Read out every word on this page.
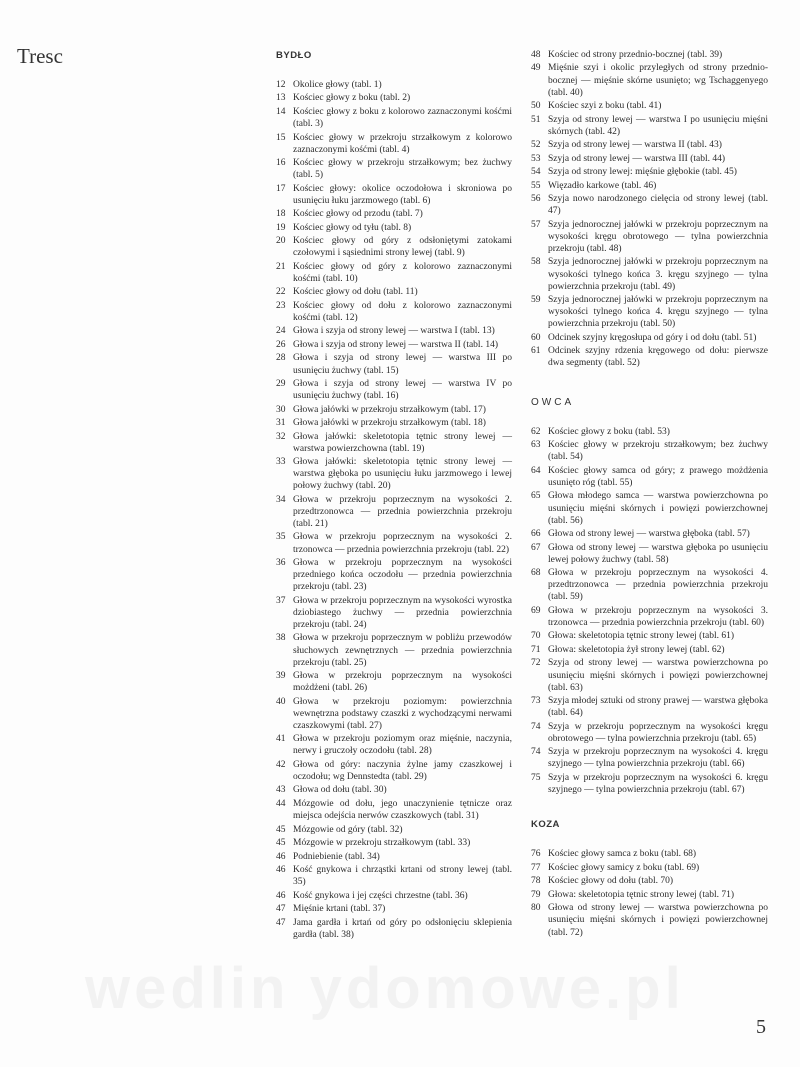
Tresc	BYDŁO
12 Okolice głowy (tabl. 1)
13 Kościec głowy z boku (tabl. 2)
14 Kościec głowy z boku z kolorowo zaznaczonymi kośćmi (tabl. 3)
15 Kościec głowy w przekroju strzałkowym z kolorowo zaznaczonymi kośćmi (tabl. 4)
16 Kościec głowy w przekroju strzałkowym; bez żuchwy (tabl. 5)
17 Kościec głowy: okolice oczodołowa i skroniowa po usunięciu łuku jarzmowego (tabl. 6)
18 Kościec głowy od przodu (tabl. 7)
19 Kościec głowy od tyłu (tabl. 8)
20 Kościec głowy od góry z odsłoniętymi zatokami czołowymi i sąsiednimi strony lewej (tabl. 9)
21 Kościec głowy od góry z kolorowo zaznaczonymi kośćmi (tabl. 10)
22 Kościec głowy od dołu (tabl. 11)
23 Kościec głowy od dołu z kolorowo zaznaczonymi kośćmi (tabl. 12)
24 Głowa i szyja od strony lewej — warstwa I (tabl. 13)
26 Głowa i szyja od strony lewej — warstwa II (tabl. 14)
28 Głowa i szyja od strony lewej — warstwa III po usunięciu żuchwy (tabl. 15)
29 Głowa i szyja od strony lewej — warstwa IV po usunięciu żuchwy (tabl. 16)
30 Głowa jałówki w przekroju strzałkowym (tabl. 17)
31 Głowa jałówki w przekroju strzałkowym (tabl. 18)
32 Głowa jałówki: skeletotopia tętnic strony lewej — warstwa powierzchowna (tabl. 19)
33 Głowa jałówki: skeletotopia tętnic strony lewej — warstwa głęboka po usunięciu łuku jarzmowego i lewej połowy żuchwy (tabl. 20)
34 Głowa w przekroju poprzecznym na wysokości 2. przedtrzonowca — przednia powierzchnia przekroju (tabl. 21)
35 Głowa w przekroju poprzecznym na wysokości 2. trzonowca — przednia powierzchnia przekroju (tabl. 22)
36 Głowa w przekroju poprzecznym na wysokości przedniego końca oczodołu — przednia powierzchnia przekroju (tabl. 23)
37 Głowa w przekroju poprzecznym na wysokości wyrostka dziobiastego żuchwy — przednia powierzchnia przekroju (tabl. 24)
38 Głowa w przekroju poprzecznym w pobliżu przewodów słuchowych zewnętrznych — przednia powierzchnia przekroju (tabl. 25)
39 Głowa w przekroju poprzecznym na wysokości możdżeni (tabl. 26)
40 Głowa w przekroju poziomym: powierzchnia wewnętrzna podstawy czaszki z wychodzącymi nerwami czaszkowymi (tabl. 27)
41 Głowa w przekroju poziomym oraz mięśnie, naczynia, nerwy i gruczoły oczodołu (tabl. 28)
42 Głowa od góry: naczynia żylne jamy czaszkowej i oczodołu; wg Dennstedta (tabl. 29)
43 Głowa od dołu (tabl. 30)
44 Mózgowie od dołu, jego unaczynienie tętnicze oraz miejsca odejścia nerwów czaszkowych (tabl. 31)
45 Mózgowie od góry (tabl. 32)
45 Mózgowie w przekroju strzałkowym (tabl. 33)
46 Podniebienie (tabl. 34)
46 Kość gnykowa i chrząstki krtani od strony lewej (tabl. 35)
46 Kość gnykowa i jej części chrzestne (tabl. 36)
47 Mięśnie krtani (tabl. 37)
47 Jama gardła i krtań od góry po odsłonięciu sklepienia gardła (tabl. 38)
48 Kościec od strony przednio-bocznej (tabl. 39)
49 Mięśnie szyi i okolic przyległych od strony przednio-bocznej — mięśnie skórne usunięto; wg Tschaggenyego (tabl. 40)
50 Kościec szyi z boku (tabl. 41)
51 Szyja od strony lewej — warstwa I po usunięciu mięśni skórnych (tabl. 42)
52 Szyja od strony lewej — warstwa II (tabl. 43)
53 Szyja od strony lewej — warstwa III (tabl. 44)
54 Szyja od strony lewej: mięśnie głębokie (tabl. 45)
55 Więzadło karkowe (tabl. 46)
56 Szyja nowo narodzonego cielęcia od strony lewej (tabl. 47)
57 Szyja jednorocznej jałówki w przekroju poprzecznym na wysokości kręgu obrotowego — tylna powierzchnia przekroju (tabl. 48)
58 Szyja jednorocznej jałówki w przekroju poprzecznym na wysokości tylnego końca 3. kręgu szyjnego — tylna powierzchnia przekroju (tabl. 49)
59 Szyja jednorocznej jałówki w przekroju poprzecznym na wysokości tylnego końca 4. kręgu szyjnego — tylna powierzchnia przekroju (tabl. 50)
60 Odcinek szyjny kręgosłupa od góry i od dołu (tabl. 51)
61 Odcinek szyjny rdzenia kręgowego od dołu: pierwsze dwa segmenty (tabl. 52)
OWCA
62 Kościec głowy z boku (tabl. 53)
63 Kościec głowy w przekroju strzałkowym; bez żuchwy (tabl. 54)
64 Kościec głowy samca od góry; z prawego możdżenia usunięto róg (tabl. 55)
65 Głowa młodego samca — warstwa powierzchowna po usunięciu mięśni skórnych i powięzi powierzchownej (tabl. 56)
66 Głowa od strony lewej — warstwa głęboka (tabl. 57)
67 Głowa od strony lewej — warstwa głęboka po usunięciu lewej połowy żuchwy (tabl. 58)
68 Głowa w przekroju poprzecznym na wysokości 4. przedtrzonowca — przednia powierzchnia przekroju (tabl. 59)
69 Głowa w przekroju poprzecznym na wysokości 3. trzonowca — przednia powierzchnia przekroju (tabl. 60)
70 Głowa: skeletotopia tętnic strony lewej (tabl. 61)
71 Głowa: skeletotopia żył strony lewej (tabl. 62)
72 Szyja od strony lewej — warstwa powierzchowna po usunięciu mięśni skórnych i powięzi powierzchownej (tabl. 63)
73 Szyja młodej sztuki od strony prawej — warstwa głęboka (tabl. 64)
74 Szyja w przekroju poprzecznym na wysokości kręgu obrotowego — tylna powierzchnia przekroju (tabl. 65)
74 Szyja w przekroju poprzecznym na wysokości 4. kręgu szyjnego — tylna powierzchnia przekroju (tabl. 66)
75 Szyja w przekroju poprzecznym na wysokości 6. kręgu szyjnego — tylna powierzchnia przekroju (tabl. 67)
KOZA
76 Kościec głowy samca z boku (tabl. 68)
77 Kościec głowy samicy z boku (tabl. 69)
78 Kościec głowy od dołu (tabl. 70)
79 Głowa: skeletotopia tętnic strony lewej (tabl. 71)
80 Głowa od strony lewej — warstwa powierzchowna po usunięciu mięśni skórnych i powięzi powierzchownej (tabl. 72)
5
